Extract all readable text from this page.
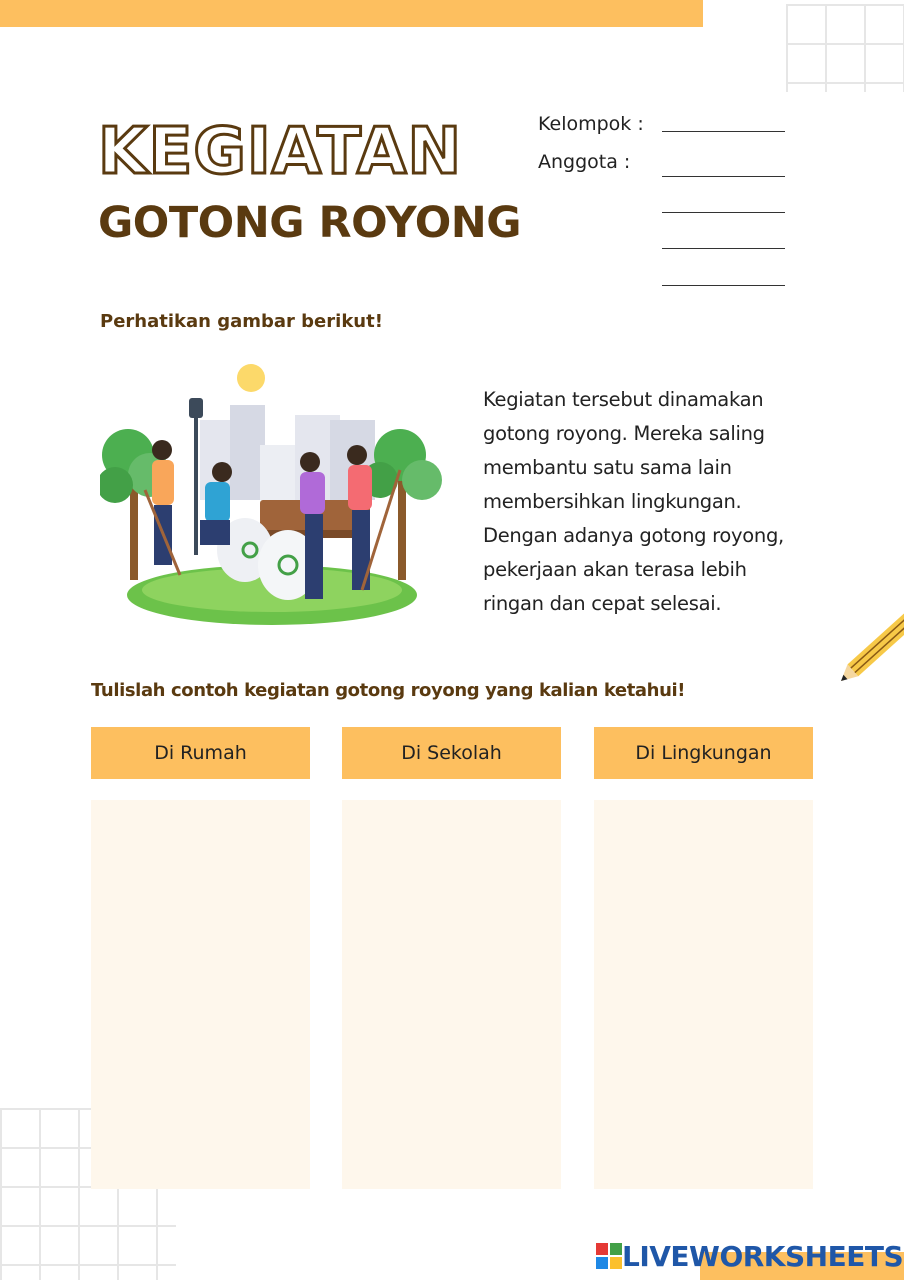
KEGIATAN
GOTONG ROYONG
Kelompok :
Anggota :
Perhatikan gambar berikut!
Kegiatan tersebut dinamakan
gotong royong. Mereka saling
membantu satu sama lain
membersihkan lingkungan.
Dengan adanya gotong royong,
pekerjaan akan terasa lebih
ringan dan cepat selesai.
Tulislah contoh kegiatan gotong royong yang kalian ketahui!
Di Rumah	Di Sekolah	Di Lingkungan
LIVEWORKSHEETS
